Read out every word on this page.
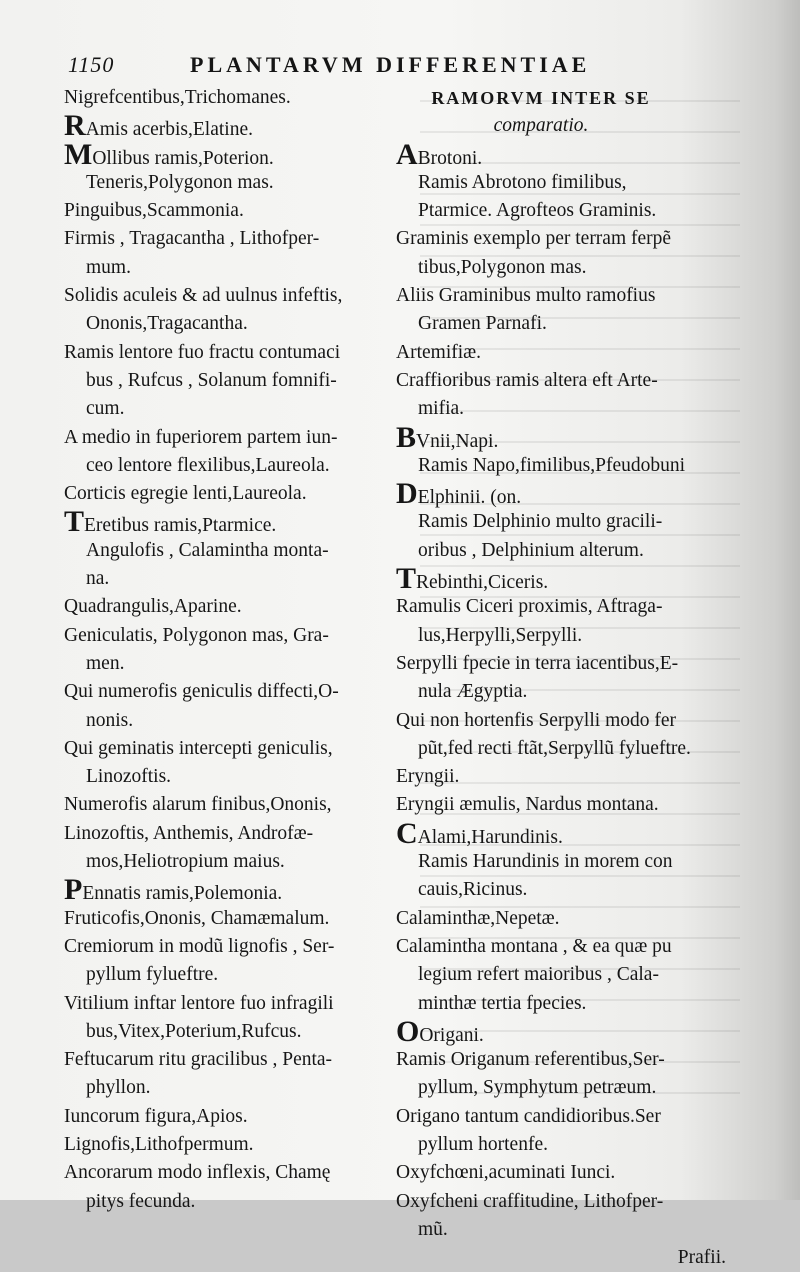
1150	PLANTARVM DIFFERENTIAE
Nigrefcentibus,Trichomanes.
RAmis acerbis,Elatine.
MOllibus ramis,Poterion.
Teneris,Polygonon mas.
Pinguibus,Scammonia.
Firmis , Tragacantha , Lithofper-
mum.
Solidis aculeis & ad uulnus infeftis,
Ononis,Tragacantha.
Ramis lentore fuo fractu contumaci
bus , Rufcus , Solanum fomnifi-
cum.
A medio in fuperiorem partem iun-
ceo lentore flexilibus,Laureola.
Corticis egregie lenti,Laureola.
TEretibus ramis,Ptarmice.
Angulofis , Calamintha monta-
na.
Quadrangulis,Aparine.
Geniculatis, Polygonon mas, Gra-
men.
Qui numerofis geniculis diffecti,O-
nonis.
Qui geminatis intercepti geniculis,
Linozoftis.
Numerofis alarum finibus,Ononis,
Linozoftis, Anthemis, Androfæ-
mos,Heliotropium maius.
PEnnatis ramis,Polemonia.
Fruticofis,Ononis, Chamæmalum.
Cremiorum in modũ lignofis , Ser-
pyllum fylueftre.
Vitilium inftar lentore fuo infragili
bus,Vitex,Poterium,Rufcus.
Feftucarum ritu gracilibus , Penta-
phyllon.
Iuncorum figura,Apios.
Lignofis,Lithofpermum.
Ancorarum modo inflexis, Chamę
pitys fecunda.
RAMORVM INTER SE
comparatio.
ABrotoni.
Ramis Abrotono fimilibus,
Ptarmice. Agrofteos Graminis.
Graminis exemplo per terram ferpẽ
tibus,Polygonon mas.
Aliis Graminibus multo ramofius
Gramen Parnafi.
Artemifiæ.
Craffioribus ramis altera eft Arte-
mifia.
BVnii,Napi.
Ramis Napo,fimilibus,Pfeudobuni
DElphinii. (on.
Ramis Delphinio multo gracili-
oribus , Delphinium alterum.
TRebinthi,Ciceris.
Ramulis Ciceri proximis, Aftraga-
lus,Herpylli,Serpylli.
Serpylli fpecie in terra iacentibus,E-
nula Ægyptia.
Qui non hortenfis Serpylli modo fer
pũt,fed recti ftãt,Serpyllũ fylueftre.
Eryngii.
Eryngii æmulis, Nardus montana.
CAlami,Harundinis.
Ramis Harundinis in morem con
cauis,Ricinus.
Calaminthæ,Nepetæ.
Calamintha montana , & ea quæ pu
legium refert maioribus , Cala-
minthæ tertia fpecies.
OOrigani.
Ramis Origanum referentibus,Ser-
pyllum, Symphytum petræum.
Origano tantum candidioribus.Ser
pyllum hortenfe.
Oxyfchœni,acuminati Iunci.
Oxyfcheni craffitudine, Lithofper-
mũ.
Prafii.
